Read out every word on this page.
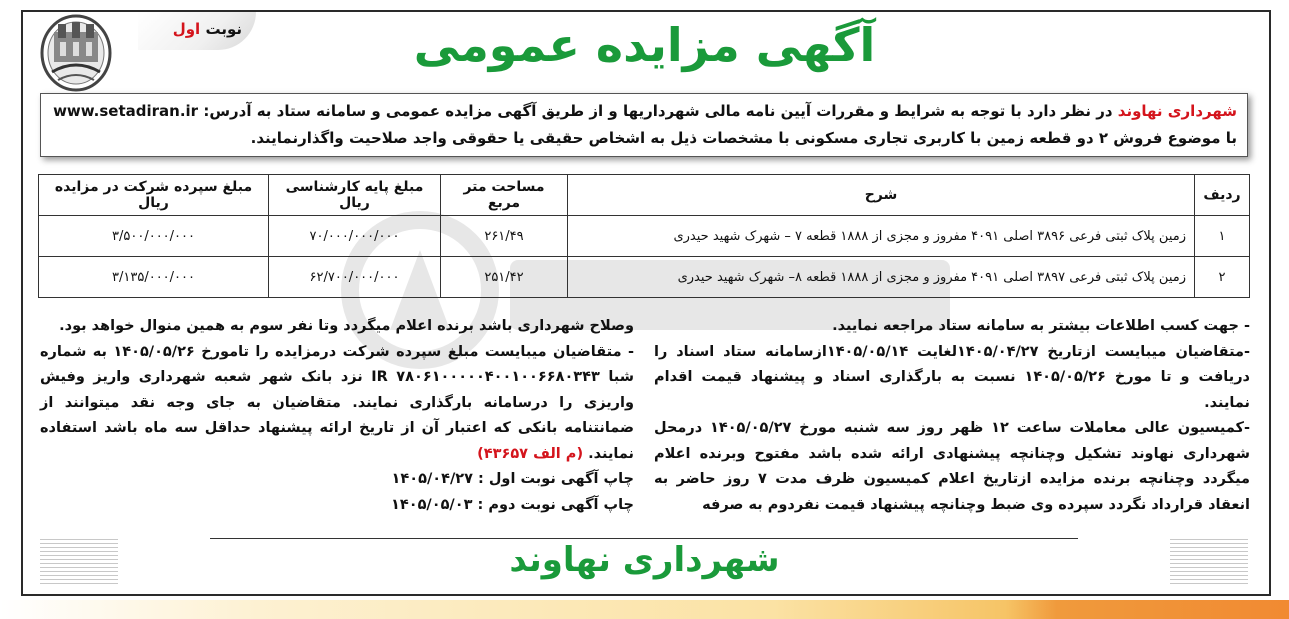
نوبت اول	آگهی مزایده عمومی
شهرداری نهاوند در نظر دارد با توجه به شرایط و مقررات آیین نامه مالی شهرداریها و از طریق آگهی مزایده عمومی و سامانه ستاد به آدرس: www.setadiran.ir
با موضوع فروش ۲ دو قطعه زمین با کاربری تجاری مسکونی با مشخصات ذیل به اشخاص حقیقی یا حقوقی واجد صلاحیت واگذارنمایند.
ردیف	شرح	مساحت متر مربع	مبلغ پایه کارشناسی ریال	مبلغ سپرده شرکت در مزایده ریال
۱	زمین پلاک ثبتی فرعی ۳۸۹۶ اصلی ۴۰۹۱ مفروز و مجزی از ۱۸۸۸ قطعه ۷ – شهرک شهید حیدری	۲۶۱/۴۹	۷۰/۰۰۰/۰۰۰/۰۰۰	۳/۵۰۰/۰۰۰/۰۰۰
۲	زمین پلاک ثبتی فرعی ۳۸۹۷ اصلی ۴۰۹۱ مفروز و مجزی از ۱۸۸۸ قطعه ۸– شهرک شهید حیدری	۲۵۱/۴۲	۶۲/۷۰۰/۰۰۰/۰۰۰	۳/۱۳۵/۰۰۰/۰۰۰

- جهت کسب اطلاعات بیشتر به سامانه ستاد مراجعه نمایید.

-متقاضیان میبایست ازتاریخ ۱۴۰۵/۰۴/۲۷لغایت ۱۴۰۵/۰۵/۱۴ازسامانه ستاد اسناد را دریافت و تا مورخ ۱۴۰۵/۰۵/۲۶ نسبت به بارگذاری اسناد و پیشنهاد قیمت اقدام نمایند.

-کمیسیون عالی معاملات ساعت ۱۲ ظهر روز سه شنبه مورخ ۱۴۰۵/۰۵/۲۷ درمحل شهرداری نهاوند تشکیل وچنانچه پیشنهادی ارائه شده باشد مفتوح وبرنده اعلام میگردد وچنانچه برنده مزایده ازتاریخ اعلام کمیسیون ظرف مدت ۷ روز حاضر به انعقاد قرارداد نگردد سپرده وی ضبط وچنانچه پیشنهاد قیمت نفردوم به صرفه

وصلاح شهرداری باشد برنده اعلام میگردد وتا نفر سوم به همین منوال خواهد بود.

- متقاضیان میبایست مبلغ سپرده شرکت درمزایده را تامورخ ۱۴۰۵/۰۵/۲۶ به شماره شبا IR ۷۸۰۶۱۰۰۰۰۰۴۰۰۱۰۰۶۶۸۰۳۴۳ نزد بانک شهر شعبه شهرداری واریز وفیش واریزی را درسامانه بارگذاری نمایند. متقاضیان به جای وجه نقد میتوانند از ضمانتنامه بانکی که اعتبار آن از تاریخ ارائه پیشنهاد حداقل سه ماه باشد استفاده نمایند. (م الف ۴۳۶۵۷)

چاپ آگهی نوبت اول : ۱۴۰۵/۰۴/۲۷

چاپ آگهی نوبت دوم : ۱۴۰۵/۰۵/۰۳

شهرداری نهاوند
